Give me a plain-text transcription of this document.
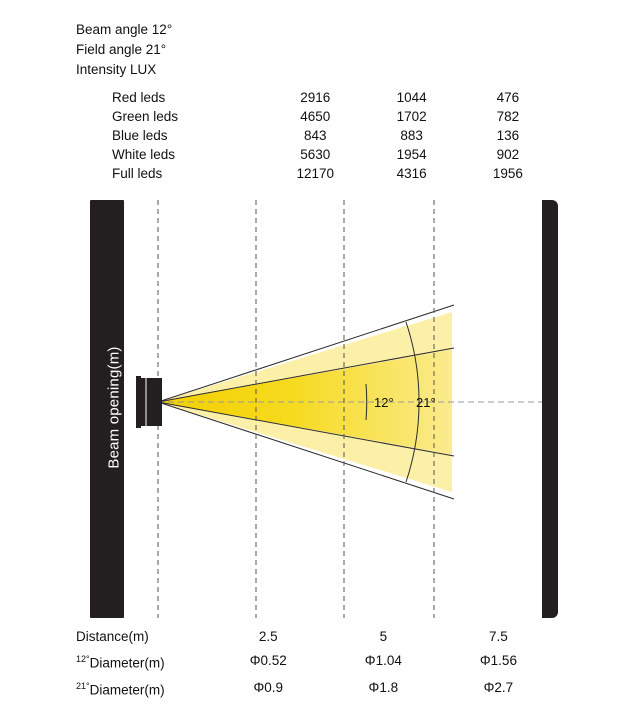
Beam angle 12°
Field angle 21°
Intensity LUX
Red leds	2916	1044	476
Green leds	4650	1702	782
Blue leds	843	883	136
White leds	5630	1954	902
Full leds	12170	4316	1956
Beam opening(m)	12° 21°
Distance(m)	2.5	5	7.5
$^{12^\circ}$Diameter(m)	Φ0.52	Φ1.04	Φ1.56
$^{21^\circ}$Diameter(m)	Φ0.9	Φ1.8	Φ2.7
